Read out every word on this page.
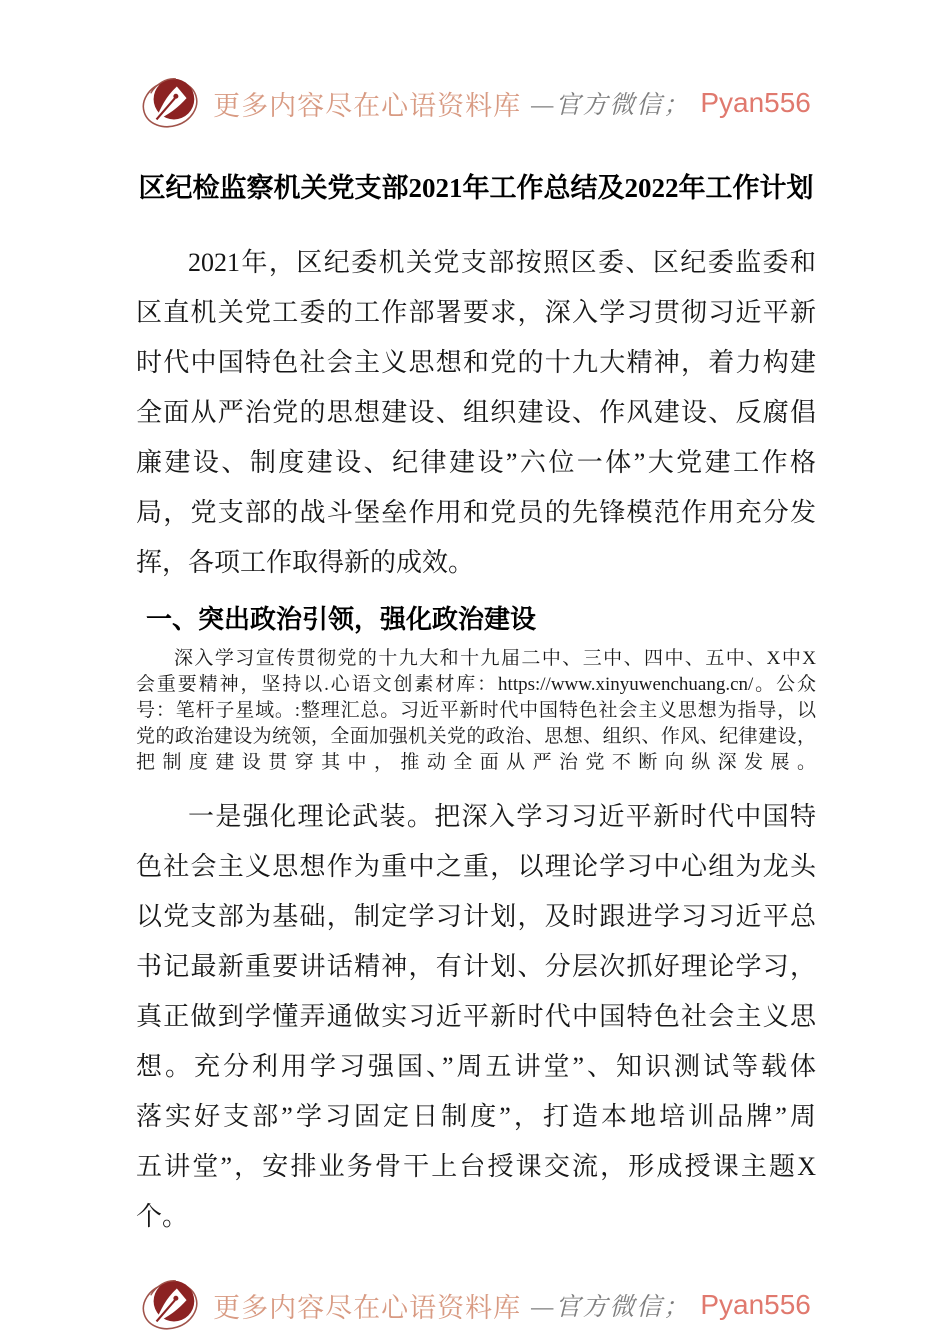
更多内容尽在心语资料库 —官方微信； Pyan556
区纪检监察机关党支部2021年工作总结及2022年工作计划
2021年，区纪委机关党支部按照区委、区纪委监委和
区直机关党工委的工作部署要求，深入学习贯彻习近平新
时代中国特色社会主义思想和党的十九大精神，着力构建
全面从严治党的思想建设、组织建设、作风建设、反腐倡
廉建设、制度建设、纪律建设”六位一体”大党建工作格
局，党支部的战斗堡垒作用和党员的先锋模范作用充分发
挥，各项工作取得新的成效。
一、突出政治引领，强化政治建设
深入学习宣传贯彻党的十九大和十九届二中、三中、四中、五中、X中X
会重要精神，坚持以.心语文创素材库：https://www.xinyuwenchuang.cn/。公众
号：笔杆子星域。:整理汇总。习近平新时代中国特色社会主义思想为指导，以
党的政治建设为统领，全面加强机关党的政治、思想、组织、作风、纪律建设，
把制度建设贯穿其中，推动全面从严治党不断向纵深发展。
一是强化理论武装。把深入学习习近平新时代中国特
色社会主义思想作为重中之重，以理论学习中心组为龙头
以党支部为基础，制定学习计划，及时跟进学习习近平总
书记最新重要讲话精神，有计划、分层次抓好理论学习，
真正做到学懂弄通做实习近平新时代中国特色社会主义思
想。充分利用学习强国、”周五讲堂”、知识测试等载体
落实好支部”学习固定日制度”，打造本地培训品牌”周
五讲堂”，安排业务骨干上台授课交流，形成授课主题X个。
更多内容尽在心语资料库 —官方微信； Pyan556
